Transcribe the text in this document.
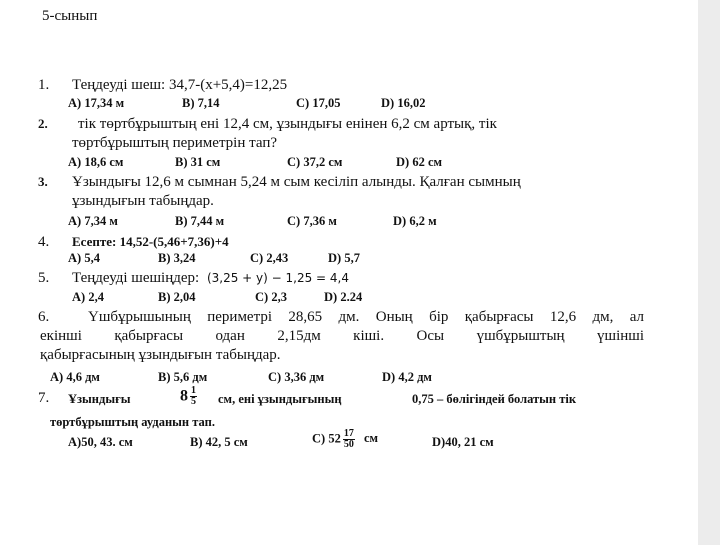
5-сынып
1. Теңдеуді шеш: 34,7-(x+5,4)=12,25
A) 17,34 м	B) 7,14	C) 17,05	D) 16,02
2. тік төртбұрыштың ені 12,4 см, ұзындығы енінен 6,2 см артық, тік
төртбұрыштың периметрін тап?
A) 18,6 см	B) 31 см	C) 37,2 см	D) 62 см
3. Ұзындығы 12,6 м сымнан 5,24 м сым кесіліп алынды. Қалған сымның
ұзындығын табыңдар.
A) 7,34 м	B) 7,44 м	C) 7,36 м	D) 6,2 м
4. Есепте: 14,52-(5,46+7,36)+4
A) 5,4	B) 3,24	C) 2,43	D) 5,7
5. Теңдеуді шешіңдер: (3,25 + y) − 1,25 = 4,4
A) 2,4	B) 2,04	C) 2,3	D) 2.24
6.	Үшбұрышының периметрі 28,65 дм. Оның бір қабырғасы 12,6 дм, ал
екінші қабырғасы одан 2,15дм кіші. Осы үшбұрыштың үшінші
қабырғасының ұзындығын табыңдар.
A) 4,6 дм	B) 5,6 дм	C) 3,36 дм	D) 4,2 дм
7. Ұзындығы	$8 \frac{1}{5}$ см, ені ұзындығының	0,75 – бөлігіндей болатын тік
төртбұрыштың ауданын тап.
A)50, 43. см	B) 42, 5 см	C) $52 \frac{17}{50}$ см	D)40, 21 см
